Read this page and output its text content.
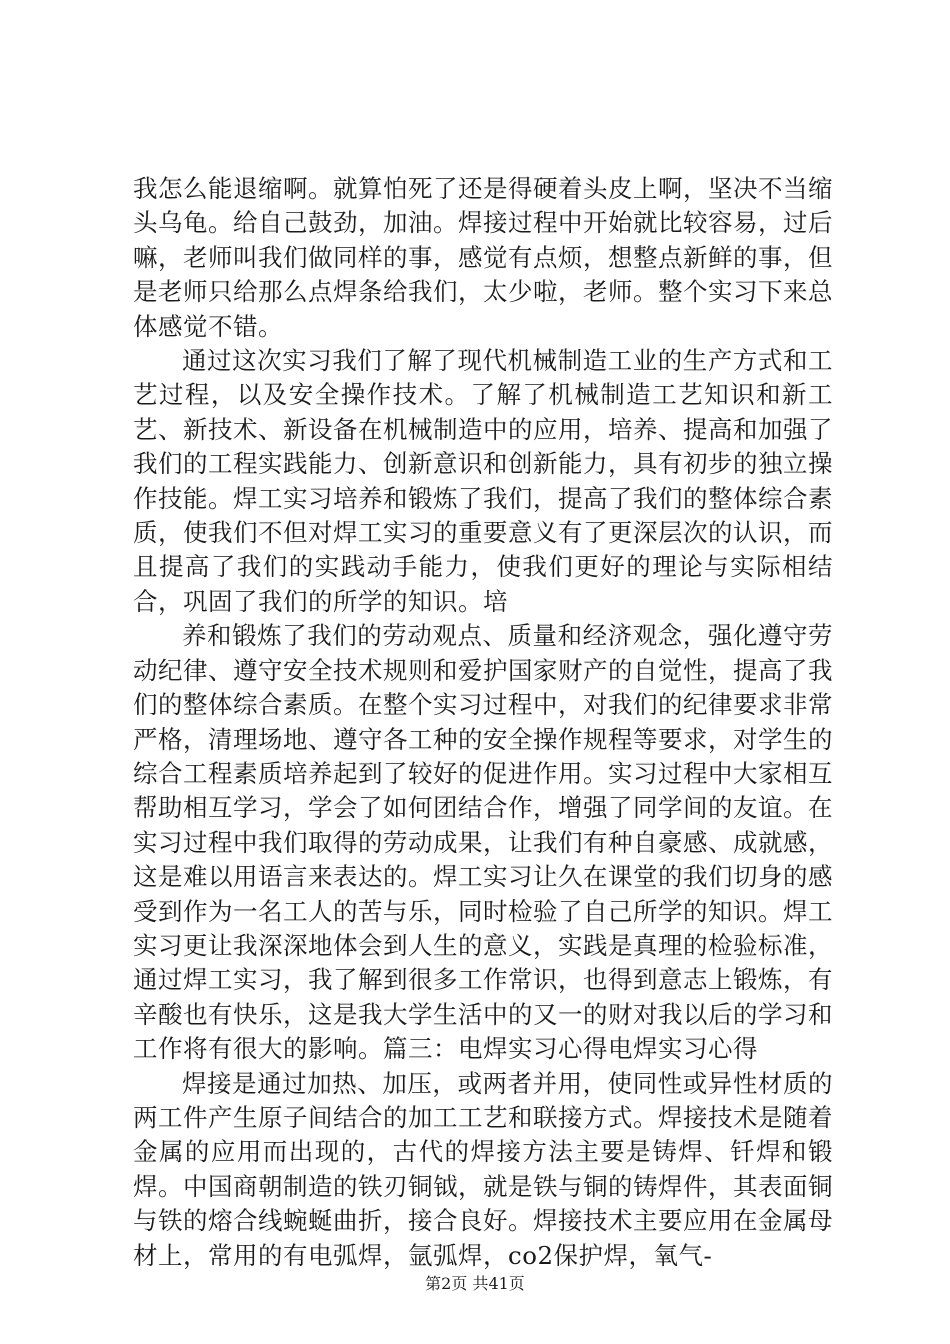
我怎么能退缩啊。就算怕死了还是得硬着头皮上啊，坚决不当缩头乌龟。给自己鼓劲，加油。焊接过程中开始就比较容易，过后嘛，老师叫我们做同样的事，感觉有点烦，想整点新鲜的事，但是老师只给那么点焊条给我们，太少啦，老师。整个实习下来总体感觉不错。

通过这次实习我们了解了现代机械制造工业的生产方式和工艺过程，以及安全操作技术。了解了机械制造工艺知识和新工艺、新技术、新设备在机械制造中的应用，培养、提高和加强了我们的工程实践能力、创新意识和创新能力，具有初步的独立操作技能。焊工实习培养和锻炼了我们，提高了我们的整体综合素质，使我们不但对焊工实习的重要意义有了更深层次的认识，而且提高了我们的实践动手能力，使我们更好的理论与实际相结合，巩固了我们的所学的知识。培

养和锻炼了我们的劳动观点、质量和经济观念，强化遵守劳动纪律、遵守安全技术规则和爱护国家财产的自觉性，提高了我们的整体综合素质。在整个实习过程中，对我们的纪律要求非常严格，清理场地、遵守各工种的安全操作规程等要求，对学生的综合工程素质培养起到了较好的促进作用。实习过程中大家相互帮助相互学习，学会了如何团结合作，增强了同学间的友谊。在实习过程中我们取得的劳动成果，让我们有种自豪感、成就感，这是难以用语言来表达的。焊工实习让久在课堂的我们切身的感受到作为一名工人的苦与乐，同时检验了自己所学的知识。焊工实习更让我深深地体会到人生的意义，实践是真理的检验标准，通过焊工实习，我了解到很多工作常识，也得到意志上锻炼，有辛酸也有快乐，这是我大学生活中的又一的财对我以后的学习和工作将有很大的影响。篇三：电焊实习心得电焊实习心得

焊接是通过加热、加压，或两者并用，使同性或异性材质的两工件产生原子间结合的加工工艺和联接方式。焊接技术是随着金属的应用而出现的，古代的焊接方法主要是铸焊、钎焊和锻焊。中国商朝制造的铁刃铜钺，就是铁与铜的铸焊件，其表面铜与铁的熔合线蜿蜒曲折，接合良好。焊接技术主要应用在金属母材上，常用的有电弧焊，氩弧焊，co2保护焊，氧气-

第2页 共41页
